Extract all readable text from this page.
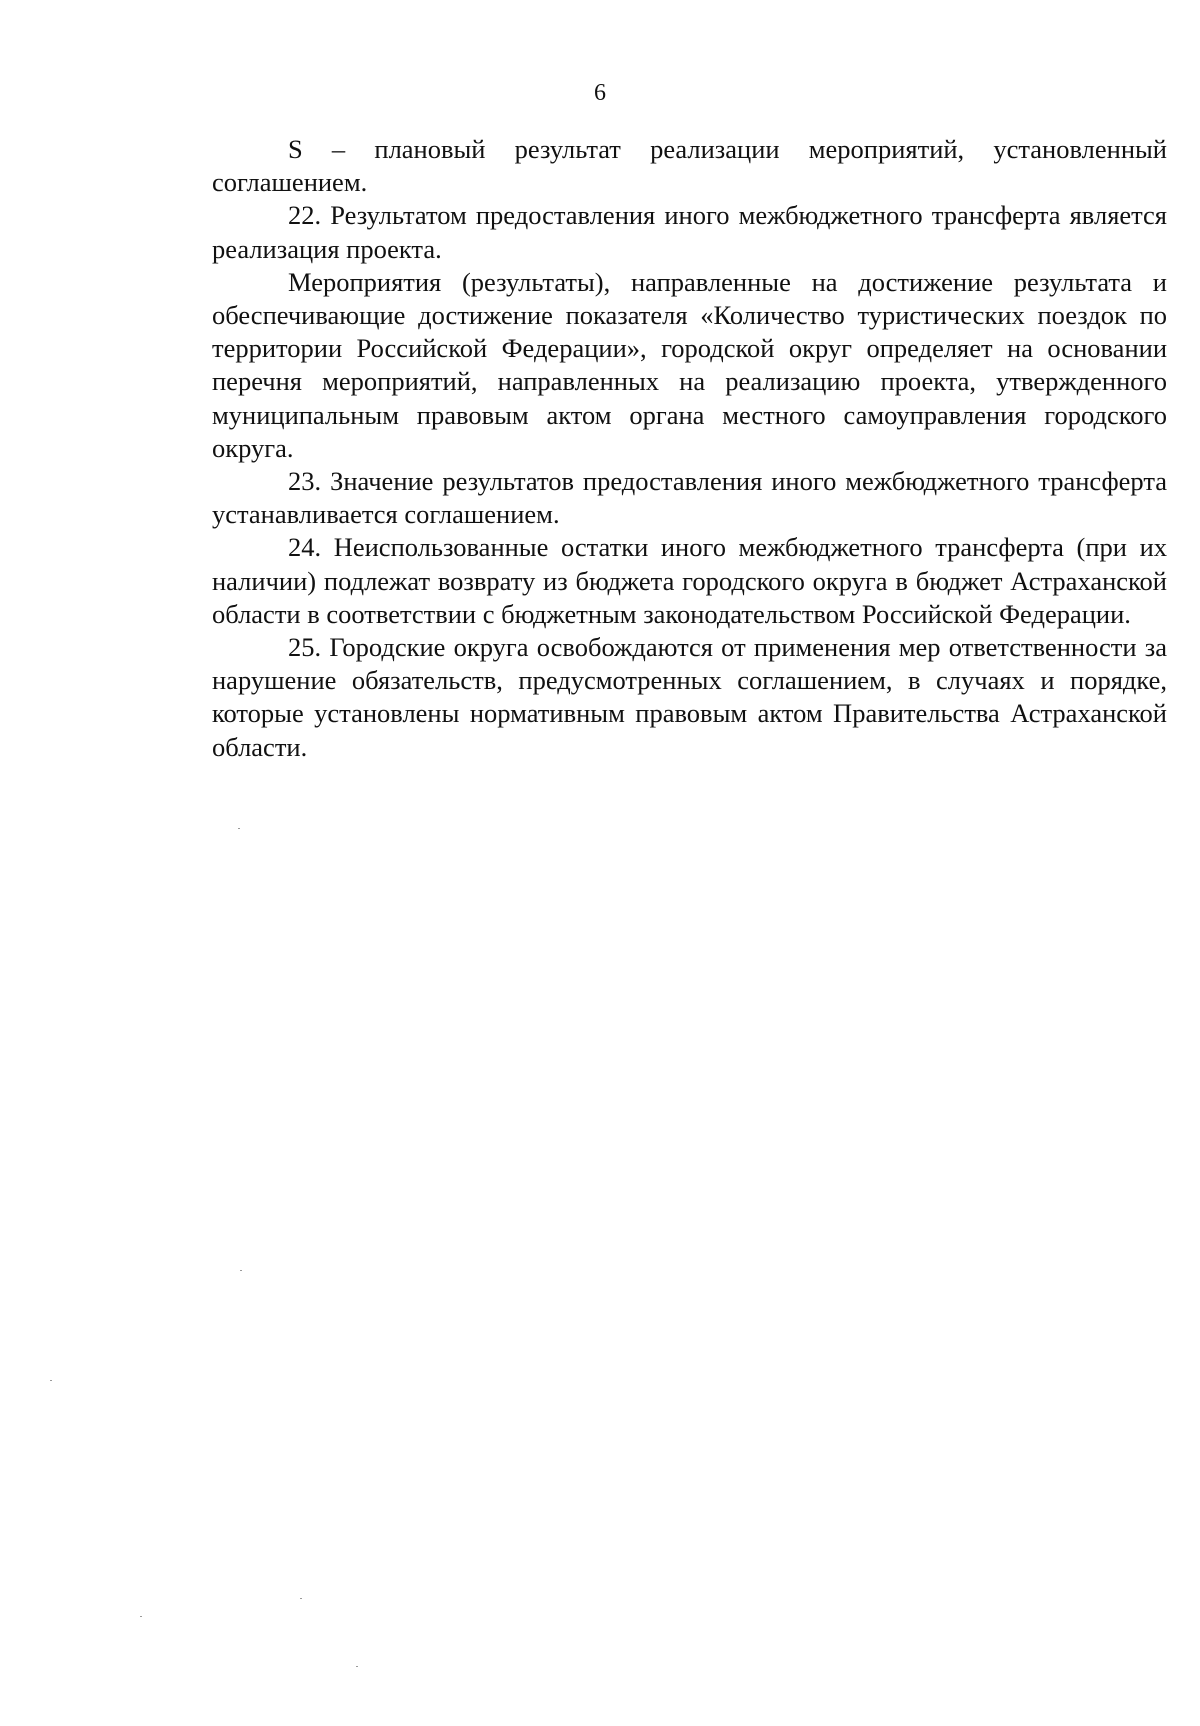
6

S – плановый результат реализации мероприятий, установленный соглашением.

22. Результатом предоставления иного межбюджетного трансферта является реализация проекта.

Мероприятия (результаты), направленные на достижение результата и обеспечивающие достижение показателя «Количество туристических поездок по территории Российской Федерации», городской округ определяет на основании перечня мероприятий, направленных на реализацию проекта, утвержденного муниципальным правовым актом органа местного самоуправления городского округа.

23. Значение результатов предоставления иного межбюджетного трансферта устанавливается соглашением.

24. Неиспользованные остатки иного межбюджетного трансферта (при их наличии) подлежат возврату из бюджета городского округа в бюджет Астраханской области в соответствии с бюджетным законодательством Российской Федерации.

25. Городские округа освобождаются от применения мер ответственности за нарушение обязательств, предусмотренных соглашением, в случаях и порядке, которые установлены нормативным правовым актом Правительства Астраханской области.
